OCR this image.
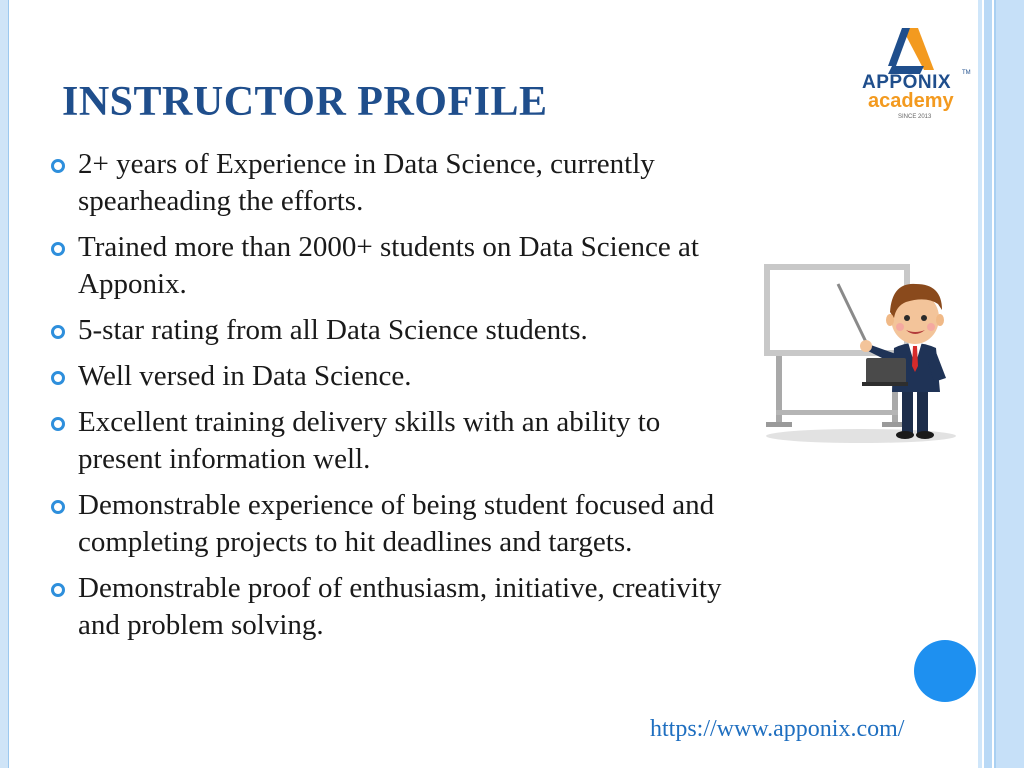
INSTRUCTOR PROFILE	APPONIX TM
academy
SINCE 2013
2+ years of Experience in Data Science, currently spearheading the efforts.
Trained more than 2000+ students on Data Science at Apponix.
5-star rating from all Data Science students.
Well versed in Data Science.
Excellent training delivery skills with an ability to present information well.
Demonstrable experience of being student focused and completing projects to hit deadlines and targets.
Demonstrable proof of enthusiasm, initiative, creativity and problem solving.
https://www.apponix.com/
